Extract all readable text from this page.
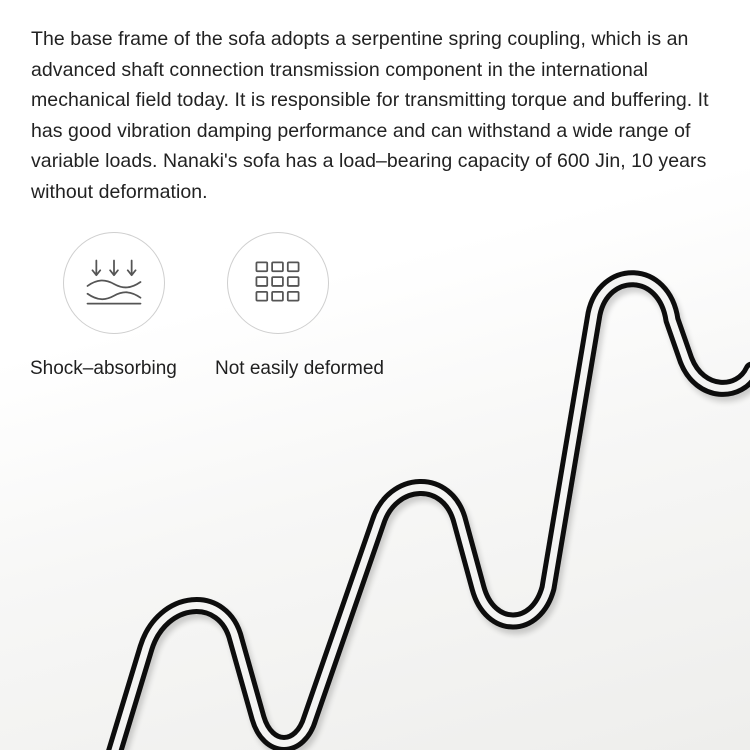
The base frame of the sofa adopts a serpentine spring coupling, which is an advanced shaft connection transmission component in the international mechanical field today. It is responsible for transmitting torque and buffering. It has good vibration damping performance and can withstand a wide range of variable loads. Nanaki's sofa has a load–bearing capacity of 600 Jin, 10 years without deformation.

Shock–absorbing Not easily deformed
